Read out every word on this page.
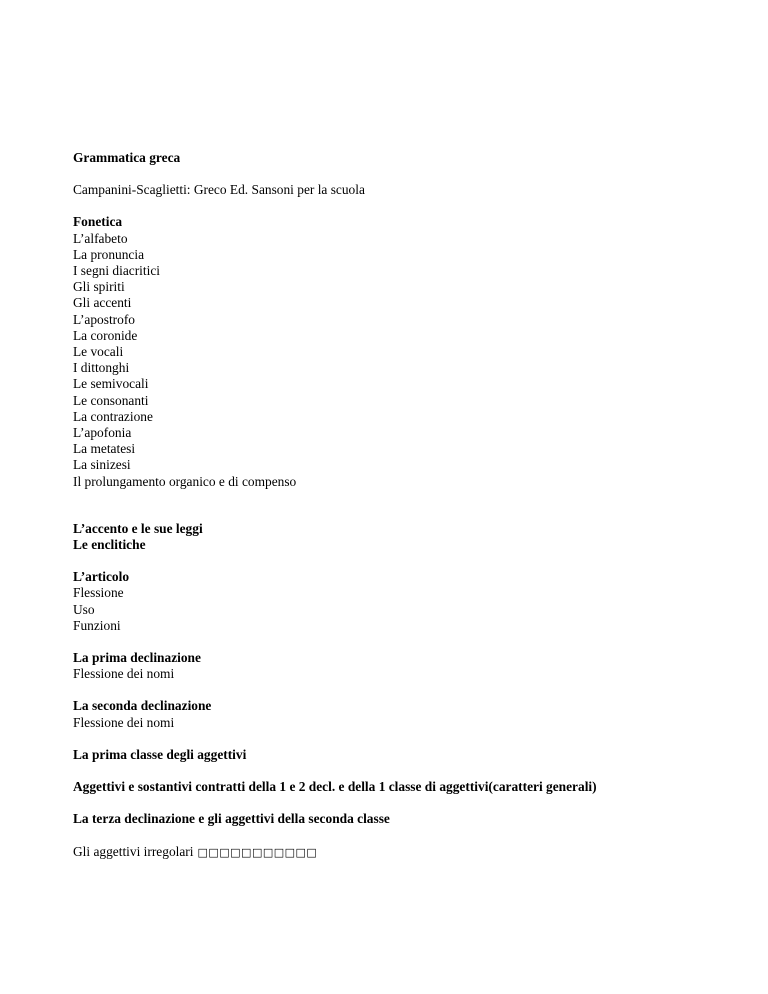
Grammatica greca
Campanini-Scaglietti: Greco Ed. Sansoni per la scuola
Fonetica
L’alfabeto
La pronuncia
I segni diacritici
Gli spiriti
Gli accenti
L’apostrofo
La coronide
Le vocali
I dittonghi
Le semivocali
Le consonanti
La contrazione
L’apofonia
La metatesi
La sinizesi
Il prolungamento organico e di compenso
L’accento e le sue leggi
Le enclitiche
L’articolo
Flessione
Uso
Funzioni
La prima declinazione
Flessione dei nomi
La seconda declinazione
Flessione dei nomi
La prima classe degli aggettivi
Aggettivi e sostantivi contratti della 1 e 2 decl. e della 1 classe di aggettivi(caratteri generali)
La terza declinazione e gli aggettivi della seconda classe
Gli aggettivi irregolari □□□□□□□□□□□
